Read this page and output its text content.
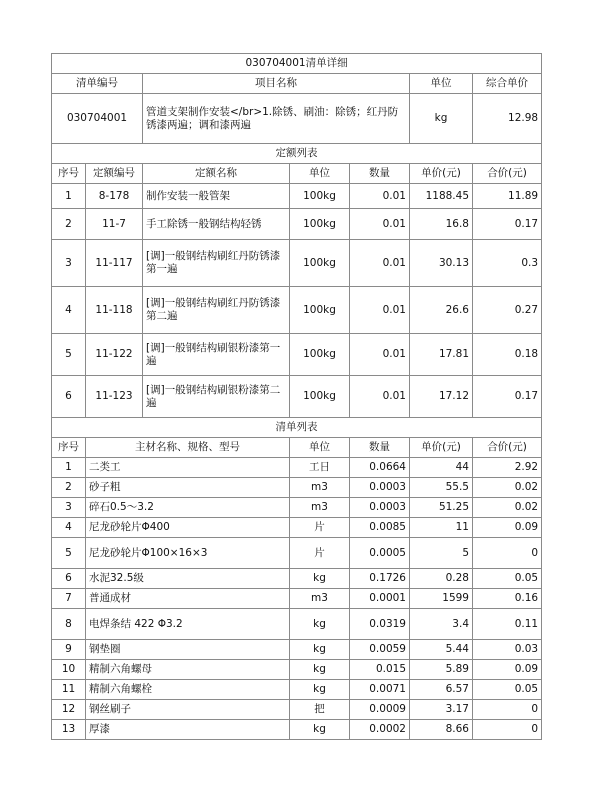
030704001清单详细						
清单编号		项目名称			单位	综合单价
030704001		管道支架制作安装</br>1.除锈、刷油：除锈；红丹防锈漆两遍；调和漆两遍			kg	12.98
定额列表						
序号	定额编号	定额名称	单位	数量	单价(元)	合价(元)
1	8-178	制作安装一般管架	100kg	0.01	1188.45	11.89
2	11-7	手工除锈一般钢结构轻锈	100kg	0.01	16.8	0.17
3	11-117	[调]一般钢结构刷红丹防锈漆第一遍	100kg	0.01	30.13	0.3
4	11-118	[调]一般钢结构刷红丹防锈漆第二遍	100kg	0.01	26.6	0.27
5	11-122	[调]一般钢结构刷银粉漆第一遍	100kg	0.01	17.81	0.18
6	11-123	[调]一般钢结构刷银粉漆第二遍	100kg	0.01	17.12	0.17
清单列表						
序号	主材名称、规格、型号		单位	数量	单价(元)	合价(元)
1	二类工		工日	0.0664	44	2.92
2	砂子粗		m3	0.0003	55.5	0.02
3	碎石0.5～3.2		m3	0.0003	51.25	0.02
4	尼龙砂轮片Φ400		片	0.0085	11	0.09
5	尼龙砂轮片Φ100×16×3		片	0.0005	5	0
6	水泥32.5级		kg	0.1726	0.28	0.05
7	普通成材		m3	0.0001	1599	0.16
8	电焊条结 422 Φ3.2		kg	0.0319	3.4	0.11
9	钢垫圈		kg	0.0059	5.44	0.03
10	精制六角螺母		kg	0.015	5.89	0.09
11	精制六角螺栓		kg	0.0071	6.57	0.05
12	钢丝刷子		把	0.0009	3.17	0
13	厚漆		kg	0.0002	8.66	0
